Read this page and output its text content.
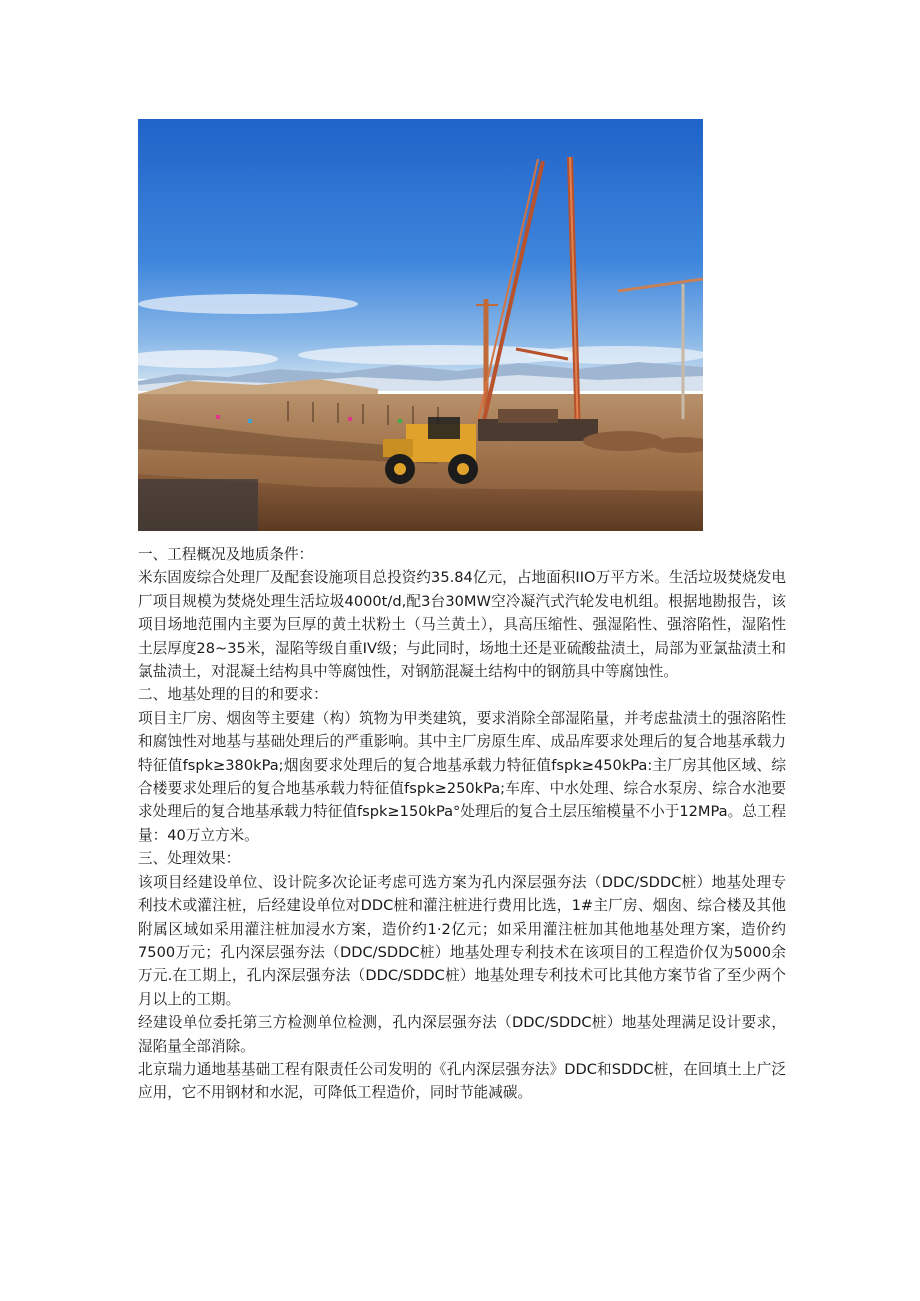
一、工程概况及地质条件：

米东固废综合处理厂及配套设施项目总投资约35.84亿元，占地面积IIO万平方米。生活垃圾焚烧发电厂项目规模为焚烧处理生活垃圾4000t/d,配3台30MW空冷凝汽式汽轮发电机组。根据地勘报告，该项目场地范围内主要为巨厚的黄土状粉土（马兰黄土），具高压缩性、强湿陷性、强溶陷性，湿陷性土层厚度28~35米，湿陷等级自重IV级；与此同时，场地土还是亚硫酸盐渍土，局部为亚氯盐渍土和氯盐渍土，对混凝土结构具中等腐蚀性，对钢筋混凝土结构中的钢筋具中等腐蚀性。

二、地基处理的目的和要求：

项目主厂房、烟囱等主要建（构）筑物为甲类建筑，要求消除全部湿陷量，并考虑盐渍土的强溶陷性和腐蚀性对地基与基础处理后的严重影响。其中主厂房原生库、成品库要求处理后的复合地基承载力特征值fspk≥380kPa;烟囱要求处理后的复合地基承载力特征值fspk≥450kPa:主厂房其他区域、综合楼要求处理后的复合地基承载力特征值fspk≥250kPa;车库、中水处理、综合水泵房、综合水池要求处理后的复合地基承载力特征值fspk≥150kPa°处理后的复合土层压缩模量不小于12MPa。总工程量：40万立方米。

三、处理效果：

该项目经建设单位、设计院多次论证考虑可选方案为孔内深层强夯法（DDC/SDDC桩）地基处理专利技术或灌注桩，后经建设单位对DDC桩和灌注桩进行费用比选，1#主厂房、烟囱、综合楼及其他附属区域如采用灌注桩加浸水方案，造价约1·2亿元；如采用灌注桩加其他地基处理方案，造价约7500万元；孔内深层强夯法（DDC/SDDC桩）地基处理专利技术在该项目的工程造价仅为5000余万元.在工期上，孔内深层强夯法（DDC/SDDC桩）地基处理专利技术可比其他方案节省了至少两个月以上的工期。

经建设单位委托第三方检测单位检测，孔内深层强夯法（DDC/SDDC桩）地基处理满足设计要求，湿陷量全部消除。

北京瑞力通地基基础工程有限责任公司发明的《孔内深层强夯法》DDC和SDDC桩，在回填土上广泛应用，它不用钢材和水泥，可降低工程造价，同时节能减碳。
